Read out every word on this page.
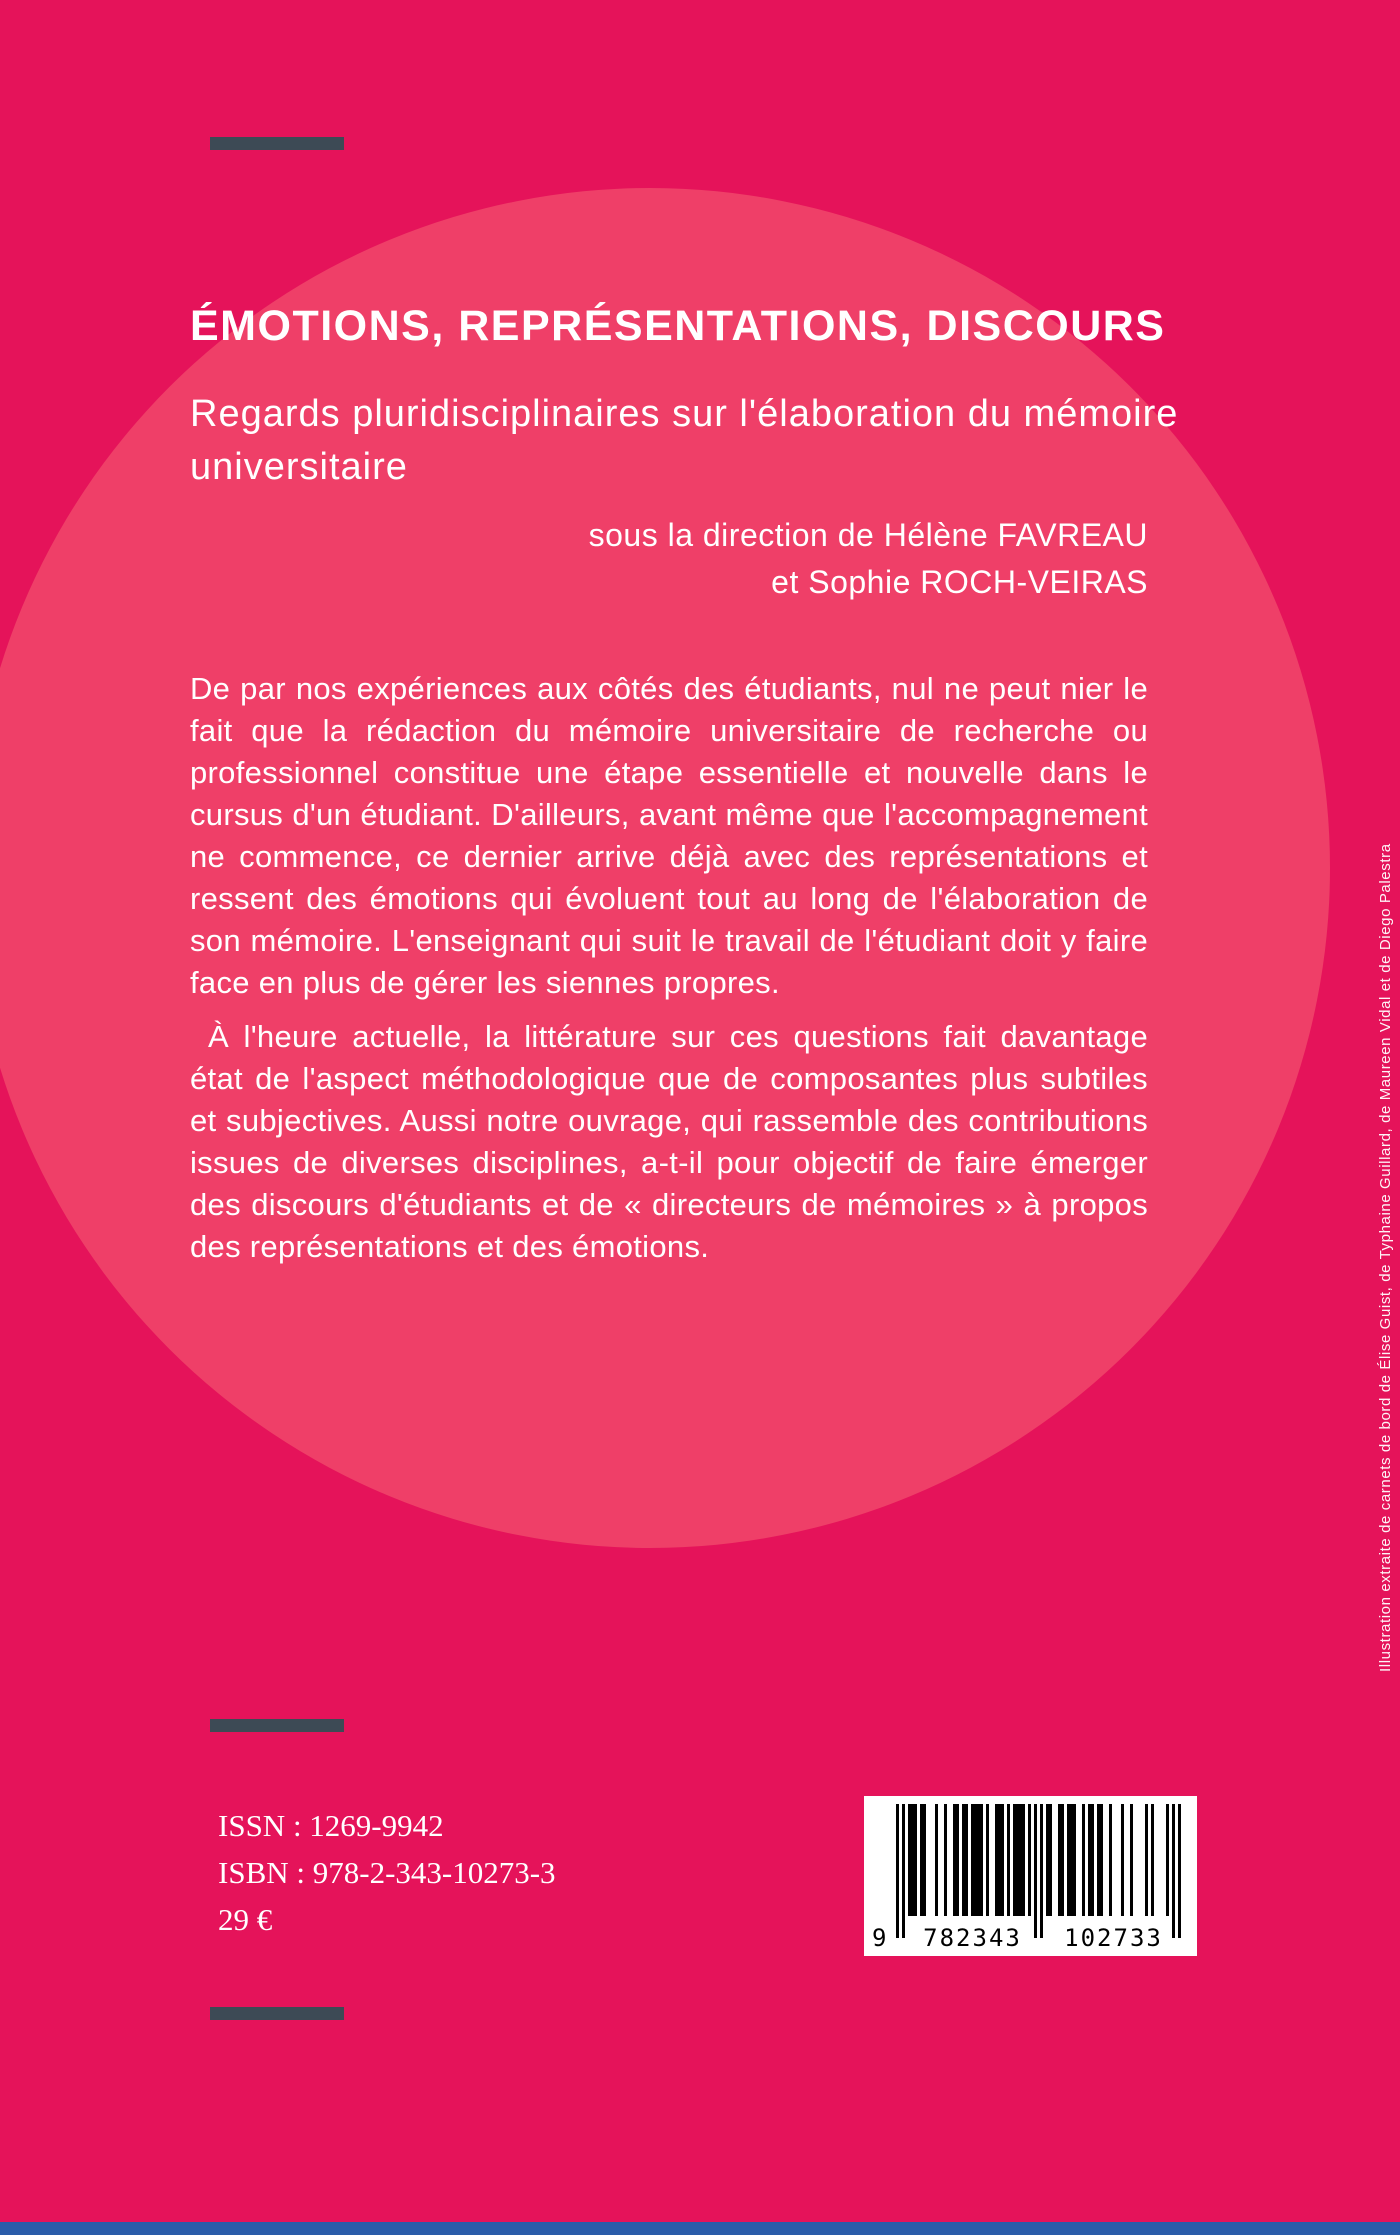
ÉMOTIONS, REPRÉSENTATIONS, DISCOURS
Regards pluridisciplinaires sur l'élaboration du mémoire universitaire
sous la direction de Hélène FAVREAU
et Sophie ROCH-VEIRAS

De par nos expériences aux côtés des étudiants, nul ne peut nier le fait que la rédaction du mémoire universitaire de recherche ou professionnel constitue une étape essentielle et nouvelle dans le cursus d'un étudiant. D'ailleurs, avant même que l'accompagnement ne commence, ce dernier arrive déjà avec des représentations et ressent des émotions qui évoluent tout au long de l'élaboration de son mémoire. L'enseignant qui suit le travail de l'étudiant doit y faire face en plus de gérer les siennes propres.

À l'heure actuelle, la littérature sur ces questions fait davantage état de l'aspect méthodologique que de composantes plus subtiles et subjectives. Aussi notre ouvrage, qui rassemble des contributions issues de diverses disciplines, a-t-il pour objectif de faire émerger des discours d'étudiants et de « directeurs de mémoires » à propos des représentations et des émotions.

ISSN : 1269-9942
ISBN : 978-2-343-10273-3
29 €
9	782343	102733
Illustration extraite de carnets de bord de Élise Guist, de Typhaine Guillard, de Maureen Vidal et de Diego Palestra
